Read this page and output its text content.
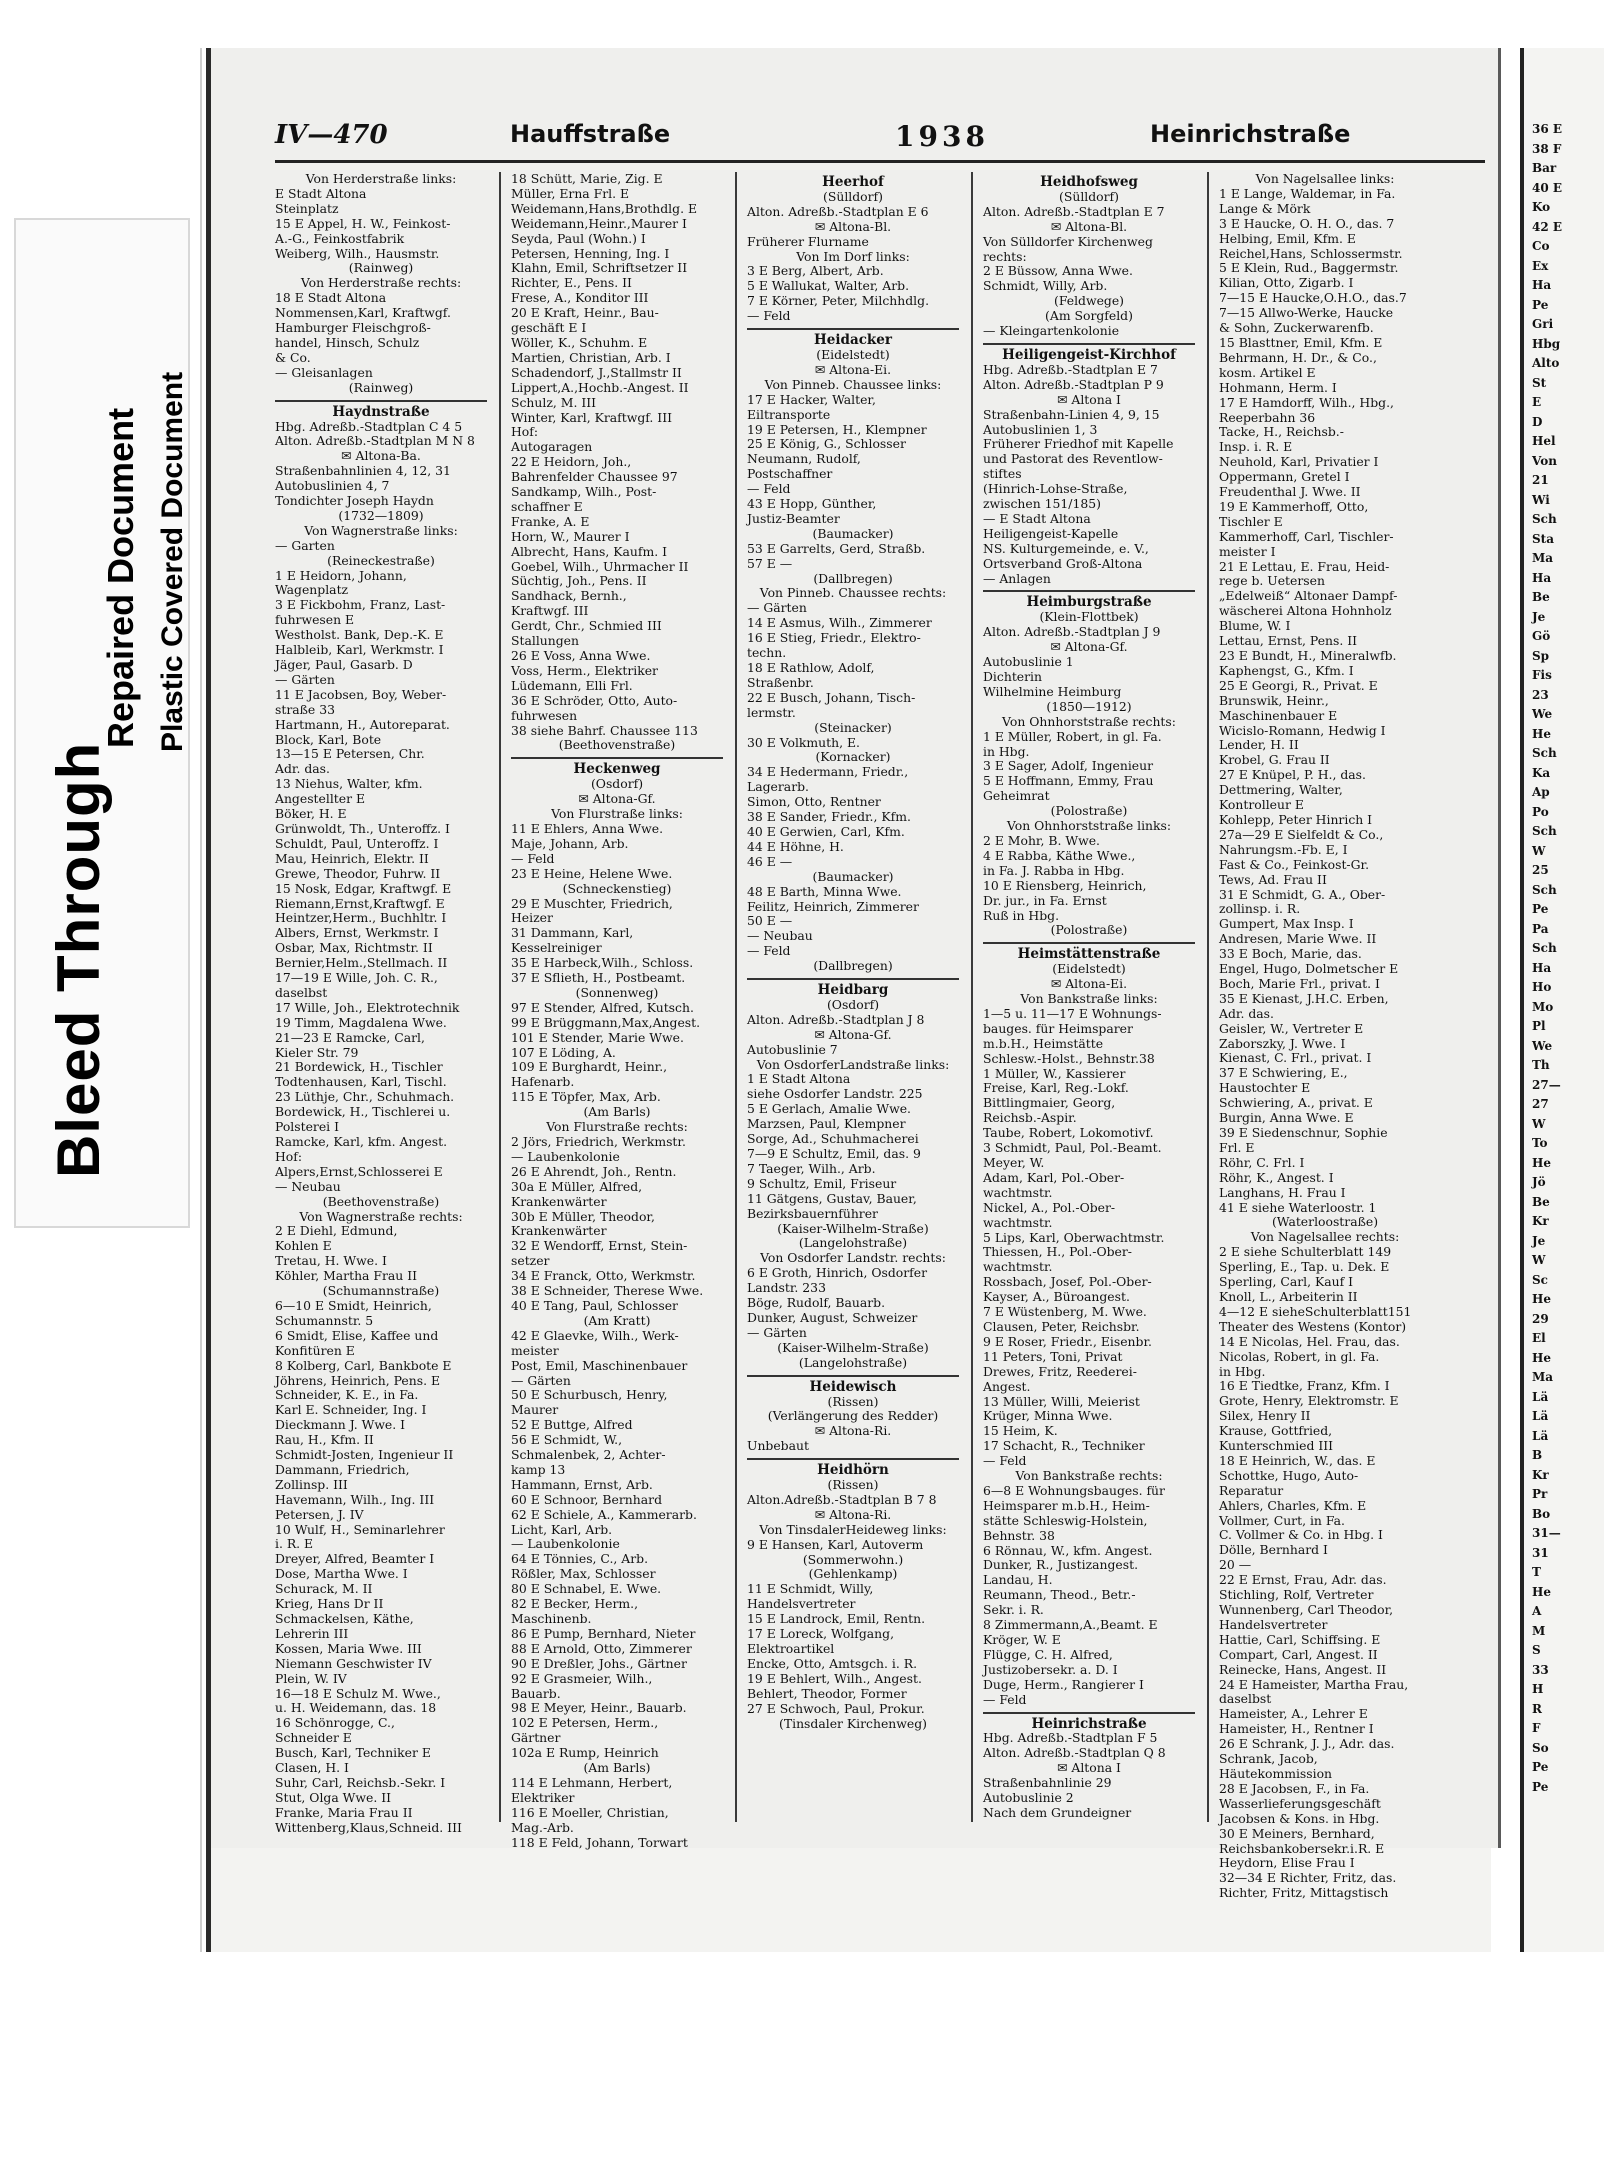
Bleed Through
Repaired Document Plastic Covered Document
IV—470	Hauffstraße	1938	Heinrichstraße
Von Herderstraße links:
E Stadt Altona
Steinplatz
15 E Appel, H. W., Feinkost-
A.-G., Feinkostfabrik
Weiberg, Wilh., Hausmstr.
(Rainweg)
Von Herderstraße rechts:
18 E Stadt Altona
Nommensen,Karl, Kraftwgf.
Hamburger Fleischgroß-
handel, Hinsch, Schulz
& Co.
— Gleisanlagen
(Rainweg)
Haydnstraße
Hbg. Adreßb.-Stadtplan C 4 5
Alton. Adreßb.-Stadtplan M N 8
✉ Altona-Ba.
Straßenbahnlinien 4, 12, 31
Autobuslinien 4, 7
Tondichter Joseph Haydn
(1732—1809)
Von Wagnerstraße links:
— Garten
(Reineckestraße)
1 E Heidorn, Johann,
Wagenplatz
3 E Fickbohm, Franz, Last-
fuhrwesen E
Westholst. Bank, Dep.-K. E
Halbleib, Karl, Werkmstr. I
Jäger, Paul, Gasarb. D
— Gärten
11 E Jacobsen, Boy, Weber-
straße 33
Hartmann, H., Autoreparat.
Block, Karl, Bote
13—15 E Petersen, Chr.
Adr. das.
13 Niehus, Walter, kfm.
Angestellter E
Böker, H. E
Grünwoldt, Th., Unteroffz. I
Schuldt, Paul, Unteroffz. I
Mau, Heinrich, Elektr. II
Grewe, Theodor, Fuhrw. II
15 Nosk, Edgar, Kraftwgf. E
Riemann,Ernst,Kraftwgf. E
Heintzer,Herm., Buchhltr. I
Albers, Ernst, Werkmstr. I
Osbar, Max, Richtmstr. II
Bernier,Helm.,Stellmach. II
17—19 E Wille, Joh. C. R.,
daselbst
17 Wille, Joh., Elektrotechnik
19 Timm, Magdalena Wwe.
21—23 E Ramcke, Carl,
Kieler Str. 79
21 Bordewick, H., Tischler
Todtenhausen, Karl, Tischl.
23 Lüthje, Chr., Schuhmach.
Bordewick, H., Tischlerei u.
Polsterei I
Ramcke, Karl, kfm. Angest.
Hof:
Alpers,Ernst,Schlosserei E
— Neubau
(Beethovenstraße)
Von Wagnerstraße rechts:
2 E Diehl, Edmund,
Kohlen E
Tretau, H. Wwe. I
Köhler, Martha Frau II
(Schumannstraße)
6—10 E Smidt, Heinrich,
Schumannstr. 5
6 Smidt, Elise, Kaffee und
Konfitüren E
8 Kolberg, Carl, Bankbote E
Jöhrens, Heinrich, Pens. E
Schneider, K. E., in Fa.
Karl E. Schneider, Ing. I
Dieckmann J. Wwe. I
Rau, H., Kfm. II
Schmidt-Josten, Ingenieur II
Dammann, Friedrich,
Zollinsp. III
Havemann, Wilh., Ing. III
Petersen, J. IV
10 Wulf, H., Seminarlehrer
i. R. E
Dreyer, Alfred, Beamter I
Dose, Martha Wwe. I
Schurack, M. II
Krieg, Hans Dr II
Schmackelsen, Käthe,
Lehrerin III
Kossen, Maria Wwe. III
Niemann Geschwister IV
Plein, W. IV
16—18 E Schulz M. Wwe.,
u. H. Weidemann, das. 18
16 Schönrogge, C.,
Schneider E
Busch, Karl, Techniker E
Clasen, H. I
Suhr, Carl, Reichsb.-Sekr. I
Stut, Olga Wwe. II
Franke, Maria Frau II
Wittenberg,Klaus,Schneid. III
18 Schütt, Marie, Zig. E
Müller, Erna Frl. E
Weidemann,Hans,Brothdlg. E
Weidemann,Heinr.,Maurer I
Seyda, Paul (Wohn.) I
Petersen, Henning, Ing. I
Klahn, Emil, Schriftsetzer II
Richter, E., Pens. II
Frese, A., Konditor III
20 E Kraft, Heinr., Bau-
geschäft E I
Wöller, K., Schuhm. E
Martien, Christian, Arb. I
Schadendorf, J.,Stallmstr II
Lippert,A.,Hochb.-Angest. II
Schulz, M. III
Winter, Karl, Kraftwgf. III
Hof:
Autogaragen
22 E Heidorn, Joh.,
Bahrenfelder Chaussee 97
Sandkamp, Wilh., Post-
schaffner E
Franke, A. E
Horn, W., Maurer I
Albrecht, Hans, Kaufm. I
Goebel, Wilh., Uhrmacher II
Süchtig, Joh., Pens. II
Sandhack, Bernh.,
Kraftwgf. III
Gerdt, Chr., Schmied III
Stallungen
26 E Voss, Anna Wwe.
Voss, Herm., Elektriker
Lüdemann, Elli Frl.
36 E Schröder, Otto, Auto-
fuhrwesen
38 siehe Bahrf. Chaussee 113
(Beethovenstraße)
Heckenweg
(Osdorf)
✉ Altona-Gf.
Von Flurstraße links:
11 E Ehlers, Anna Wwe.
Maje, Johann, Arb.
— Feld
23 E Heine, Helene Wwe.
(Schneckenstieg)
29 E Muschter, Friedrich,
Heizer
31 Dammann, Karl,
Kesselreiniger
35 E Harbeck,Wilh., Schloss.
37 E Sflieth, H., Postbeamt.
(Sonnenweg)
97 E Stender, Alfred, Kutsch.
99 E Brüggmann,Max,Angest.
101 E Stender, Marie Wwe.
107 E Löding, A.
109 E Burghardt, Heinr.,
Hafenarb.
115 E Töpfer, Max, Arb.
(Am Barls)
Von Flurstraße rechts:
2 Jörs, Friedrich, Werkmstr.
— Laubenkolonie
26 E Ahrendt, Joh., Rentn.
30a E Müller, Alfred,
Krankenwärter
30b E Müller, Theodor,
Krankenwärter
32 E Wendorff, Ernst, Stein-
setzer
34 E Franck, Otto, Werkmstr.
38 E Schneider, Therese Wwe.
40 E Tang, Paul, Schlosser
(Am Kratt)
42 E Glaevke, Wilh., Werk-
meister
Post, Emil, Maschinenbauer
— Gärten
50 E Schurbusch, Henry,
Maurer
52 E Buttge, Alfred
56 E Schmidt, W.,
Schmalenbek, 2, Achter-
kamp 13
Hammann, Ernst, Arb.
60 E Schnoor, Bernhard
62 E Schiele, A., Kammerarb.
Licht, Karl, Arb.
— Laubenkolonie
64 E Tönnies, C., Arb.
Rößler, Max, Schlosser
80 E Schnabel, E. Wwe.
82 E Becker, Herm.,
Maschinenb.
86 E Pump, Bernhard, Nieter
88 E Arnold, Otto, Zimmerer
90 E Dreßler, Johs., Gärtner
92 E Grasmeier, Wilh.,
Bauarb.
98 E Meyer, Heinr., Bauarb.
102 E Petersen, Herm.,
Gärtner
102a E Rump, Heinrich
(Am Barls)
114 E Lehmann, Herbert,
Elektriker
116 E Moeller, Christian,
Mag.-Arb.
118 E Feld, Johann, Torwart
Heerhof
(Sülldorf)
Alton. Adreßb.-Stadtplan E 6
✉ Altona-Bl.
Früherer Flurname
Von Im Dorf links:
3 E Berg, Albert, Arb.
5 E Wallukat, Walter, Arb.
7 E Körner, Peter, Milchhdlg.
— Feld
Heidacker
(Eidelstedt)
✉ Altona-Ei.
Von Pinneb. Chaussee links:
17 E Hacker, Walter,
Eiltransporte
19 E Petersen, H., Klempner
25 E König, G., Schlosser
Neumann, Rudolf,
Postschaffner
— Feld
43 E Hopp, Günther,
Justiz-Beamter
(Baumacker)
53 E Garrelts, Gerd, Straßb.
57 E —
(Dallbregen)
Von Pinneb. Chaussee rechts:
— Gärten
14 E Asmus, Wilh., Zimmerer
16 E Stieg, Friedr., Elektro-
techn.
18 E Rathlow, Adolf,
Straßenbr.
22 E Busch, Johann, Tisch-
lermstr.
(Steinacker)
30 E Volkmuth, E.
(Kornacker)
34 E Hedermann, Friedr.,
Lagerarb.
Simon, Otto, Rentner
38 E Sander, Friedr., Kfm.
40 E Gerwien, Carl, Kfm.
44 E Höhne, H.
46 E —
(Baumacker)
48 E Barth, Minna Wwe.
Feilitz, Heinrich, Zimmerer
50 E —
— Neubau
— Feld
(Dallbregen)
Heidbarg
(Osdorf)
Alton. Adreßb.-Stadtplan J 8
✉ Altona-Gf.
Autobuslinie 7
Von OsdorferLandstraße links:
1 E Stadt Altona
siehe Osdorfer Landstr. 225
5 E Gerlach, Amalie Wwe.
Marzsen, Paul, Klempner
Sorge, Ad., Schuhmacherei
7—9 E Schultz, Emil, das. 9
7 Taeger, Wilh., Arb.
9 Schultz, Emil, Friseur
11 Gätgens, Gustav, Bauer,
Bezirksbauernführer
(Kaiser-Wilhelm-Straße)
(Langelohstraße)
Von Osdorfer Landstr. rechts:
6 E Groth, Hinrich, Osdorfer
Landstr. 233
Böge, Rudolf, Bauarb.
Dunker, August, Schweizer
— Gärten
(Kaiser-Wilhelm-Straße)
(Langelohstraße)
Heidewisch
(Rissen)
(Verlängerung des Redder)
✉ Altona-Ri.
Unbebaut
Heidhörn
(Rissen)
Alton.Adreßb.-Stadtplan B 7 8
✉ Altona-Ri.
Von TinsdalerHeideweg links:
9 E Hansen, Karl, Autoverm
(Sommerwohn.)
(Gehlenkamp)
11 E Schmidt, Willy,
Handelsvertreter
15 E Landrock, Emil, Rentn.
17 E Loreck, Wolfgang,
Elektroartikel
Encke, Otto, Amtsgch. i. R.
19 E Behlert, Wilh., Angest.
Behlert, Theodor, Former
27 E Schwoch, Paul, Prokur.
(Tinsdaler Kirchenweg)
Heidhofsweg
(Sülldorf)
Alton. Adreßb.-Stadtplan E 7
✉ Altona-Bl.
Von Sülldorfer Kirchenweg
rechts:
2 E Büssow, Anna Wwe.
Schmidt, Willy, Arb.
(Feldwege)
(Am Sorgfeld)
— Kleingartenkolonie
Heiligengeist-Kirchhof
Hbg. Adreßb.-Stadtplan E 7
Alton. Adreßb.-Stadtplan P 9
✉ Altona I
Straßenbahn-Linien 4, 9, 15
Autobuslinien 1, 3
Früherer Friedhof mit Kapelle
und Pastorat des Reventlow-
stiftes
(Hinrich-Lohse-Straße,
zwischen 151/185)
— E Stadt Altona
Heiligengeist-Kapelle
NS. Kulturgemeinde, e. V.,
Ortsverband Groß-Altona
— Anlagen
Heimburgstraße
(Klein-Flottbek)
Alton. Adreßb.-Stadtplan J 9
✉ Altona-Gf.
Autobuslinie 1
Dichterin
Wilhelmine Heimburg
(1850—1912)
Von Ohnhorststraße rechts:
1 E Müller, Robert, in gl. Fa.
in Hbg.
3 E Sager, Adolf, Ingenieur
5 E Hoffmann, Emmy, Frau
Geheimrat
(Polostraße)
Von Ohnhorststraße links:
2 E Mohr, B. Wwe.
4 E Rabba, Käthe Wwe.,
in Fa. J. Rabba in Hbg.
10 E Riensberg, Heinrich,
Dr. jur., in Fa. Ernst
Ruß in Hbg.
(Polostraße)
Heimstättenstraße
(Eidelstedt)
✉ Altona-Ei.
Von Bankstraße links:
1—5 u. 11—17 E Wohnungs-
bauges. für Heimsparer
m.b.H., Heimstätte
Schlesw.-Holst., Behnstr.38
1 Müller, W., Kassierer
Freise, Karl, Reg.-Lokf.
Bittlingmaier, Georg,
Reichsb.-Aspir.
Taube, Robert, Lokomotivf.
3 Schmidt, Paul, Pol.-Beamt.
Meyer, W.
Adam, Karl, Pol.-Ober-
wachtmstr.
Nickel, A., Pol.-Ober-
wachtmstr.
5 Lips, Karl, Oberwachtmstr.
Thiessen, H., Pol.-Ober-
wachtmstr.
Rossbach, Josef, Pol.-Ober-
Kayser, A., Büroangest.
7 E Wüstenberg, M. Wwe.
Clausen, Peter, Reichsbr.
9 E Roser, Friedr., Eisenbr.
11 Peters, Toni, Privat
Drewes, Fritz, Reederei-
Angest.
13 Müller, Willi, Meierist
Krüger, Minna Wwe.
15 Heim, K.
17 Schacht, R., Techniker
— Feld
Von Bankstraße rechts:
6—8 E Wohnungsbauges. für
Heimsparer m.b.H., Heim-
stätte Schleswig-Holstein,
Behnstr. 38
6 Rönnau, W., kfm. Angest.
Dunker, R., Justizangest.
Landau, H.
Reumann, Theod., Betr.-
Sekr. i. R.
8 Zimmermann,A.,Beamt. E
Kröger, W. E
Flügge, C. H. Alfred,
Justizobersekr. a. D. I
Duge, Herm., Rangierer I
— Feld
Heinrichstraße
Hbg. Adreßb.-Stadtplan F 5
Alton. Adreßb.-Stadtplan Q 8
✉ Altona I
Straßenbahnlinie 29
Autobuslinie 2
Nach dem Grundeigner
Von Nagelsallee links:
1 E Lange, Waldemar, in Fa.
Lange & Mörk
3 E Haucke, O. H. O., das. 7
Helbing, Emil, Kfm. E
Reichel,Hans, Schlossermstr.
5 E Klein, Rud., Baggermstr.
Kilian, Otto, Zigarb. I
7—15 E Haucke,O.H.O., das.7
7—15 Allwo-Werke, Haucke
& Sohn, Zuckerwarenfb.
15 Blasttner, Emil, Kfm. E
Behrmann, H. Dr., & Co.,
kosm. Artikel E
Hohmann, Herm. I
17 E Hamdorff, Wilh., Hbg.,
Reeperbahn 36
Tacke, H., Reichsb.-
Insp. i. R. E
Neuhold, Karl, Privatier I
Oppermann, Gretel I
Freudenthal J. Wwe. II
19 E Kammerhoff, Otto,
Tischler E
Kammerhoff, Carl, Tischler-
meister I
21 E Lettau, E. Frau, Heid-
rege b. Uetersen
„Edelweiß“ Altonaer Dampf-
wäscherei Altona Hohnholz
Blume, W. I
Lettau, Ernst, Pens. II
23 E Bundt, H., Mineralwfb.
Kaphengst, G., Kfm. I
25 E Georgi, R., Privat. E
Brunswik, Heinr.,
Maschinenbauer E
Wicislo-Romann, Hedwig I
Lender, H. II
Krobel, G. Frau II
27 E Knüpel, P. H., das.
Dettmering, Walter,
Kontrolleur E
Kohlepp, Peter Hinrich I
27a—29 E Sielfeldt & Co.,
Nahrungsm.-Fb. E, I
Fast & Co., Feinkost-Gr.
Tews, Ad. Frau II
31 E Schmidt, G. A., Ober-
zollinsp. i. R.
Gumpert, Max Insp. I
Andresen, Marie Wwe. II
33 E Boch, Marie, das.
Engel, Hugo, Dolmetscher E
Boch, Marie Frl., privat. I
35 E Kienast, J.H.C. Erben,
Adr. das.
Geisler, W., Vertreter E
Zaborszky, J. Wwe. I
Kienast, C. Frl., privat. I
37 E Schwiering, E.,
Haustochter E
Schwiering, A., privat. E
Burgin, Anna Wwe. E
39 E Siedenschnur, Sophie
Frl. E
Röhr, C. Frl. I
Röhr, K., Angest. I
Langhans, H. Frau I
41 E siehe Waterloostr. 1
(Waterloostraße)
Von Nagelsallee rechts:
2 E siehe Schulterblatt 149
Sperling, E., Tap. u. Dek. E
Sperling, Carl, Kauf I
Knoll, L., Arbeiterin II
4—12 E sieheSchulterblatt151
Theater des Westens (Kontor)
14 E Nicolas, Hel. Frau, das.
Nicolas, Robert, in gl. Fa.
in Hbg.
16 E Tiedtke, Franz, Kfm. I
Grote, Henry, Elektromstr. E
Silex, Henry II
Krause, Gottfried,
Kunterschmied III
18 E Heinrich, W., das. E
Schottke, Hugo, Auto-
Reparatur
Ahlers, Charles, Kfm. E
Vollmer, Curt, in Fa.
C. Vollmer & Co. in Hbg. I
Dölle, Bernhard I
20 —
22 E Ernst, Frau, Adr. das.
Stichling, Rolf, Vertreter
Wunnenberg, Carl Theodor,
Handelsvertreter
Hattie, Carl, Schiffsing. E
Compart, Carl, Angest. II
Reinecke, Hans, Angest. II
24 E Hameister, Martha Frau,
daselbst
Hameister, A., Lehrer E
Hameister, H., Rentner I
26 E Schrank, J. J., Adr. das.
Schrank, Jacob,
Häutekommission
28 E Jacobsen, F., in Fa.
Wasserlieferungsgeschäft
Jacobsen & Kons. in Hbg.
30 E Meiners, Bernhard,
Reichsbankobersekr.i.R. E
Heydorn, Elise Frau I
32—34 E Richter, Fritz, das.
Richter, Fritz, Mittagstisch
36 E
38 F
Bar
40 E
Ko
42 E
Co
Ex
Ha
Pe
Gri
Hbg
Alto
St
E
D
Hel
Von
21
Wi
Sch
Sta
Ma
Ha
Be
Je
Gö
Sp
Fis
23
We
He
Sch
Ka
Ap
Po
Sch
W
25
Sch
Pe
Pa
Sch
Ha
Ho
Mo
Pl
We
Th
27—
27
W
To
He
Jö
Be
Kr
Je
W
Sc
He
29
El
He
Ma
Lä
Lä
Lä
B
Kr
Pr
Bo
31—
31
T
He
A
M
S
33
H
R
F
So
Pe
Pe
